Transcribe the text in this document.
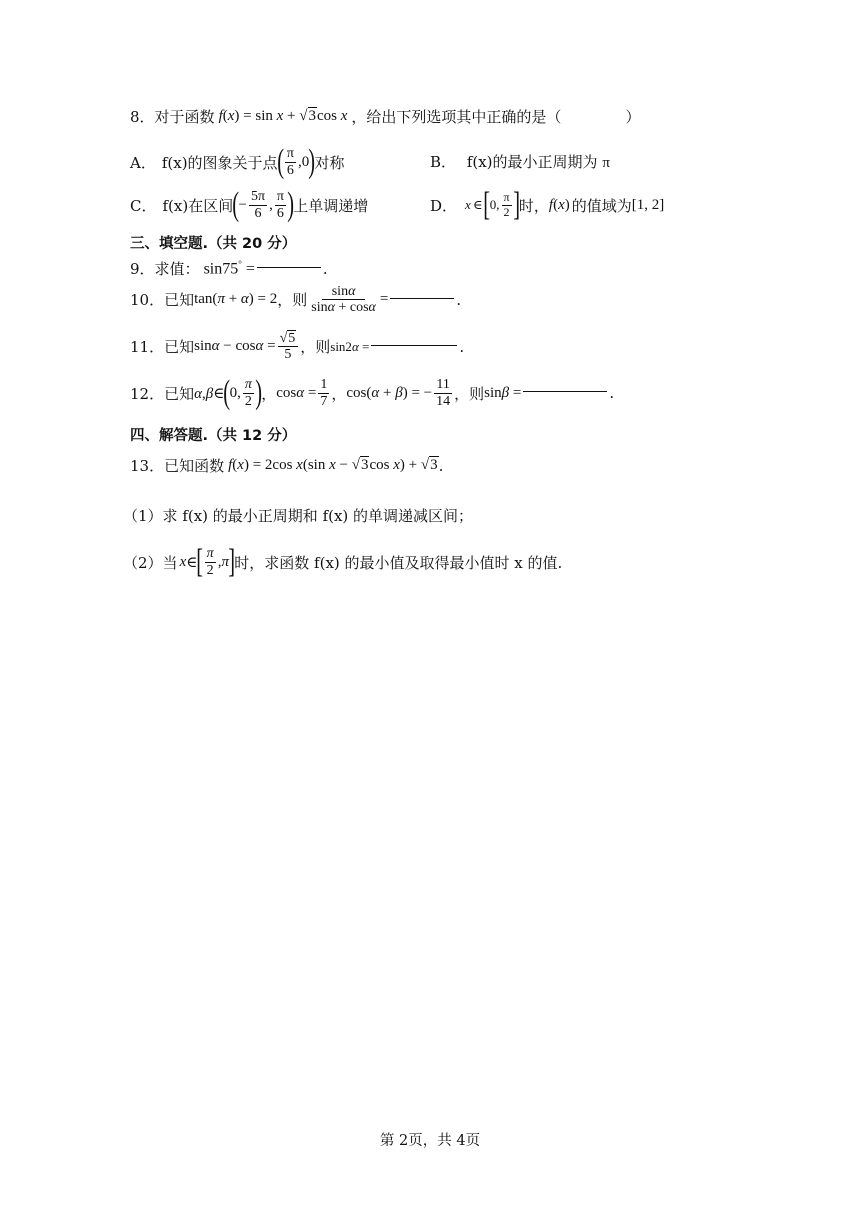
8． 对于函数 f(x) = sin x + √3cos x ，给出下列选项其中正确的是（	）
A． f(x)的图象关于点 ( $\frac{\pi}{6} ,0$ ) 对称	B． f(x)的最小正周期为 π
C． f(x)在区间 ( − $\frac{5\pi}{6}$ , $\frac{\pi}{6}$ ) 上单调递增	D． x ∈ [ 0, $\frac{\pi}{2}$ ] 时， f(x) 的值域为 [1, 2]
三、填空题.（共 20 分）
9． 求值： sin75° =	.
10． 已知 tan(π + α) = 2 ，则 $\frac{\sin\alpha}{\sin\alpha + \cos\alpha}$ =	.
11． 已知 $\sin\alpha - \cos\alpha = \frac{√5}{5}$ ，则 sin2α =	.
12． 已知 α,β∈ ( 0, $\frac{\pi}{2}$ ) ， $\cos\alpha = \frac{1}{7}$ ， cos(α + β) = − $\frac{11}{14}$ ，则 sinβ =	.
四、解答题.（共 12 分）
13． 已知函数 f(x) = 2cos x(sin x − √3cos x) + √3 .
（1）求 f(x) 的最小正周期和 f(x) 的单调递减区间；
（2） 当 x ∈ [ $\frac{\pi}{2} ,\pi$ ] 时，求函数 f(x) 的最小值及取得最小值时 x 的值.
第 2页，共 4页
